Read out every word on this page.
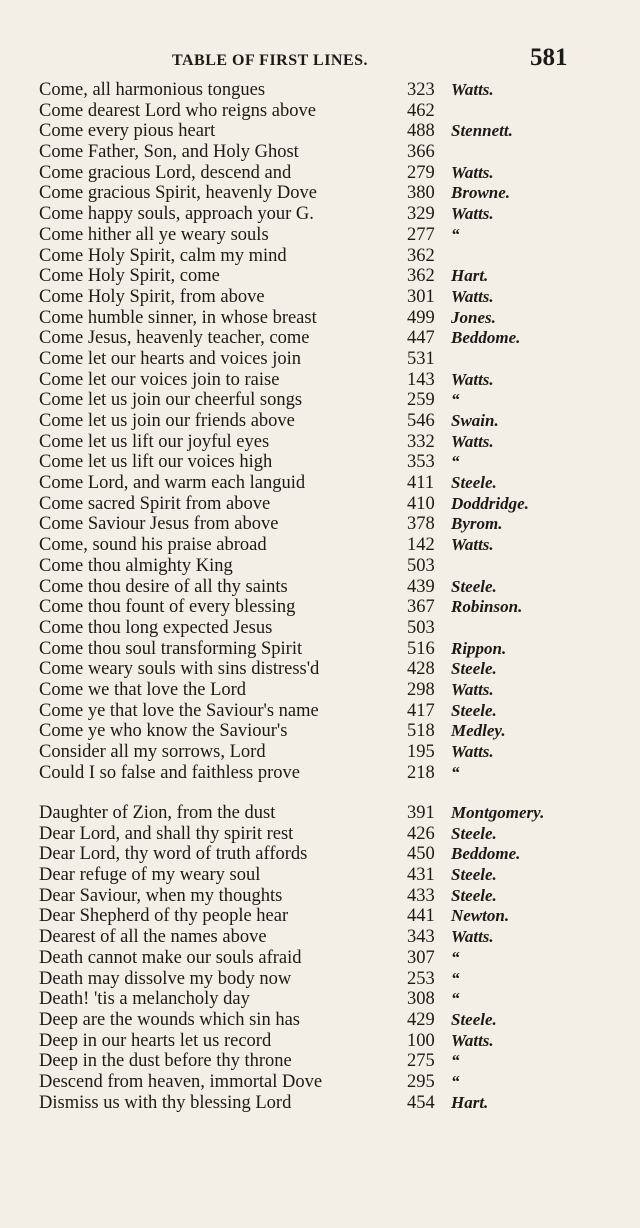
TABLE OF FIRST LINES.	581
Come, all harmonious tongues	323 Watts.
Come dearest Lord who reigns above	462
Come every pious heart	488 Stennett.
Come Father, Son, and Holy Ghost	366
Come gracious Lord, descend and	279 Watts.
Come gracious Spirit, heavenly Dove	380 Browne.
Come happy souls, approach your G.	329 Watts.
Come hither all ye weary souls	277 “
Come Holy Spirit, calm my mind	362
Come Holy Spirit, come	362 Hart.
Come Holy Spirit, from above	301 Watts.
Come humble sinner, in whose breast	499 Jones.
Come Jesus, heavenly teacher, come	447 Beddome.
Come let our hearts and voices join	531
Come let our voices join to raise	143 Watts.
Come let us join our cheerful songs	259 “
Come let us join our friends above	546 Swain.
Come let us lift our joyful eyes	332 Watts.
Come let us lift our voices high	353 “
Come Lord, and warm each languid	411 Steele.
Come sacred Spirit from above	410 Doddridge.
Come Saviour Jesus from above	378 Byrom.
Come, sound his praise abroad	142 Watts.
Come thou almighty King	503
Come thou desire of all thy saints	439 Steele.
Come thou fount of every blessing	367 Robinson.
Come thou long expected Jesus	503
Come thou soul transforming Spirit	516 Rippon.
Come weary souls with sins distress'd	428 Steele.
Come we that love the Lord	298 Watts.
Come ye that love the Saviour's name	417 Steele.
Come ye who know the Saviour's	518 Medley.
Consider all my sorrows, Lord	195 Watts.
Could I so false and faithless prove	218 “
Daughter of Zion, from the dust	391 Montgomery.
Dear Lord, and shall thy spirit rest	426 Steele.
Dear Lord, thy word of truth affords	450 Beddome.
Dear refuge of my weary soul	431 Steele.
Dear Saviour, when my thoughts	433 Steele.
Dear Shepherd of thy people hear	441 Newton.
Dearest of all the names above	343 Watts.
Death cannot make our souls afraid	307 “
Death may dissolve my body now	253 “
Death! 'tis a melancholy day	308 “
Deep are the wounds which sin has	429 Steele.
Deep in our hearts let us record	100 Watts.
Deep in the dust before thy throne	275 “
Descend from heaven, immortal Dove	295 “
Dismiss us with thy blessing Lord	454 Hart.
